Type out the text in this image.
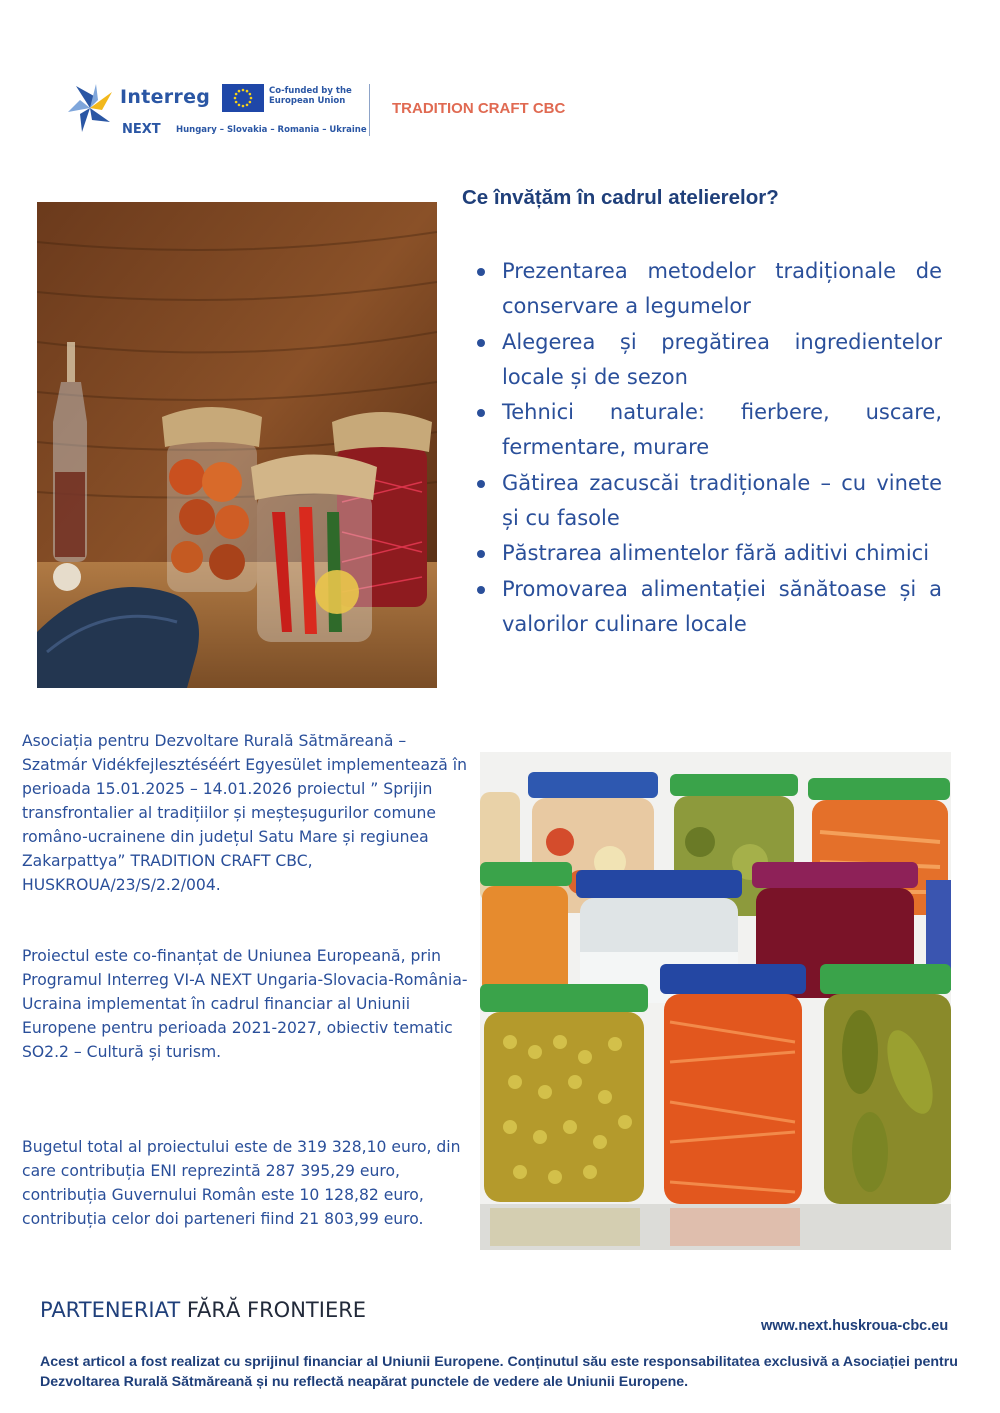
Interreg	Co-funded by the European Union
NEXT Hungary – Slovakia – Romania – Ukraine
TRADITION CRAFT CBC
Ce învățăm în cadrul atelierelor?
Prezentarea metodelor tradiționale de conservare a legumelor
Alegerea și pregătirea ingredientelor locale și de sezon
Tehnici naturale: fierbere, uscare, fermentare, murare
Gătirea zacuscăi tradiționale – cu vinete și cu fasole
Păstrarea alimentelor fără aditivi chimici
Promovarea alimentației sănătoase și a valorilor culinare locale

Asociația pentru Dezvoltare Rurală Sătmăreană – Szatmár Vidékfejlesztéséért Egyesület implementează în perioada 15.01.2025 – 14.01.2026 proiectul ” Sprijin transfrontalier al tradițiilor și meșteșugurilor comune româno-ucrainene din județul Satu Mare și regiunea Zakarpattya” TRADITION CRAFT CBC, HUSKROUA/23/S/2.2/004.

Proiectul este co-finanțat de Uniunea Europeană, prin Programul Interreg VI-A NEXT Ungaria-Slovacia-România-Ucraina implementat în cadrul financiar al Uniunii Europene pentru perioada 2021-2027, obiectiv tematic SO2.2 – Cultură și turism.

Bugetul total al proiectului este de 319 328,10 euro, din care contribuția ENI reprezintă 287 395,29 euro, contribuția Guvernului Român este 10 128,82 euro, contribuția celor doi parteneri fiind 21 803,99 euro.

PARTENERIAT FĂRĂ FRONTIERE
www.next.huskroua-cbc.eu

Acest articol a fost realizat cu sprijinul financiar al Uniunii Europene. Conținutul său este responsabilitatea exclusivă a Asociației pentru Dezvoltarea Rurală Sătmăreană și nu reflectă neapărat punctele de vedere ale Uniunii Europene.
